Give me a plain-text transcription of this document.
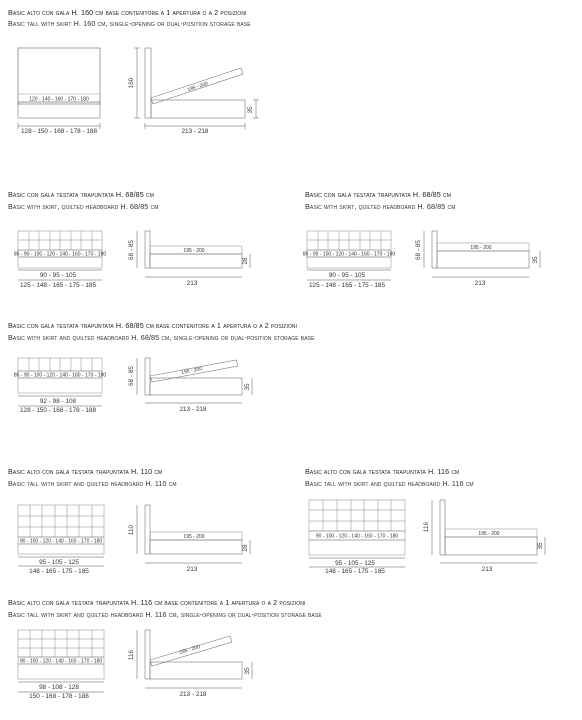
Basic alto con gala H. 160 cm base contenitore a 1 apertura o a 2 posizioni
Basic tall with skirt H. 160 cm, single-opening or dual-position storage base
120 - 140 - 160 - 170 - 180
128 - 150 - 168 - 178 - 188
160	195 - 200
35
213 - 218
Basic con gala testata trapuntata H. 68/85 cm
Basic with skirt, quilted headboard H. 68/85 cm
85 - 90 - 100 - 120 - 140 - 160 - 170 - 180
90 - 95 - 105
125 - 148 - 165 - 175 - 185
68 - 85	195 - 200
28
213
Basic con gala testata trapuntata H. 68/85 cm
Basic with skirt, quilted headboard H. 68/85 cm
85 - 90 - 100 - 120 - 140 - 160 - 170 - 180
90 - 95 - 105
125 - 148 - 165 - 175 - 185
68 - 85	195 - 200
35
213
Basic con gala testata trapuntata H. 68/85 cm base contenitore a 1 apertura o a 2 posizioni
Basic with skirt and quilted headboard H. 68/85 cm, single-opening or dual-position storage base
85 - 90 - 100 - 120 - 140 - 160 - 170 - 180
92 - 98 - 108
128 - 150 - 168 - 178 - 188
68 - 85	195 - 200
35
213 - 218
Basic alto con gala testata trapuntata H. 110 cm
Basic tall with skirt and quilted headboard H. 110 cm
90 - 100 - 120 - 140 - 160 - 170 - 180
95 - 105 - 125
148 - 165 - 175 - 185
110
195 - 200
28
213
Basic alto con gala testata trapuntata H. 116 cm
Basic tall with skirt and quilted headboard H. 116 cm
90 - 100 - 120 - 140 - 160 - 170 - 180
95 - 105 - 125
148 - 165 - 175 - 185
116
195 - 200
35
213
Basic alto con gala testata trapuntata H. 116 cm base contenitore a 1 apertura o a 2 posizioni
Basic tall with skirt and quilted headboard H. 116 cm, single-opening or dual-position storage base
90 - 100 - 120 - 140 - 160 - 170 - 180
98 - 108 - 128
150 - 168 - 178 - 188
116	195 - 200
35
213 - 218
